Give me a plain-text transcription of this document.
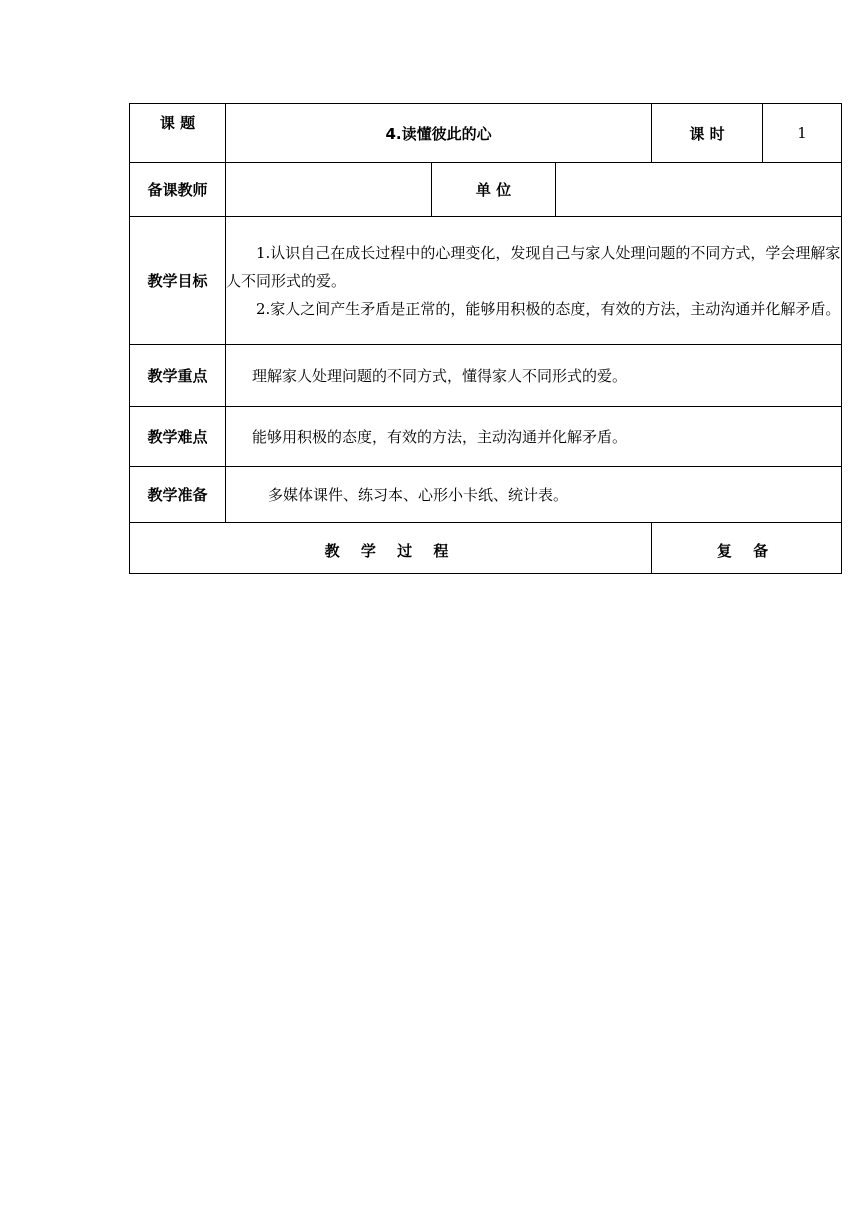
课 题	4.读懂彼此的心			课 时 1

备课教师		单 位		
教学目标	1.认识自己在成长过程中的心理变化，发现自己与家人处理问题的不同方式，学会理解家人不同形式的爱。

2.家人之间产生矛盾是正常的，能够用积极的态度，有效的方法，主动沟通并化解矛盾。			

教学重点	理解家人处理问题的不同方式，懂得家人不同形式的爱。			
教学难点	能够用积极的态度，有效的方法，主动沟通并化解矛盾。			
教学准备	多媒体课件、练习本、心形小卡纸、统计表。			
教 学 过 程				复 备
